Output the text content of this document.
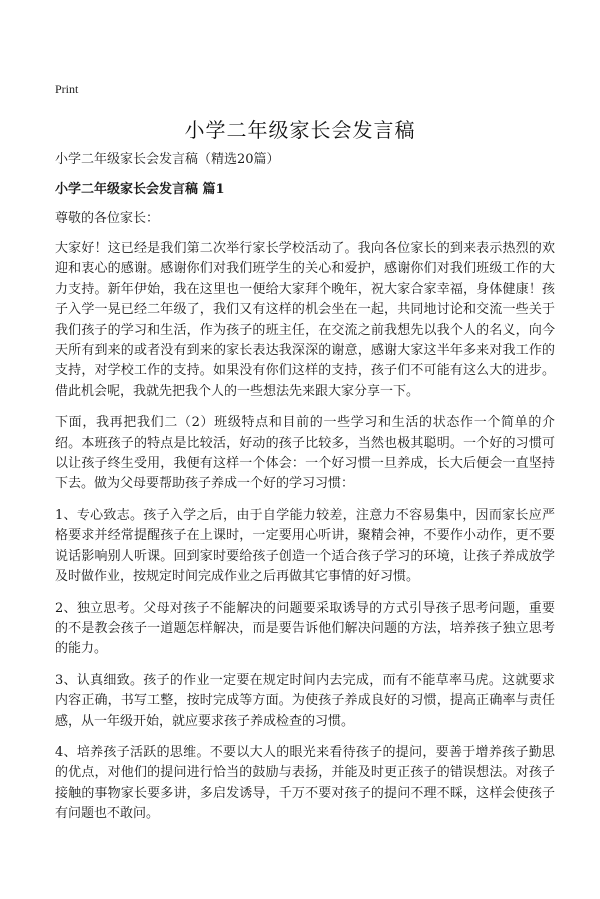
Print
小学二年级家长会发言稿

小学二年级家长会发言稿（精选20篇）

小学二年级家长会发言稿 篇1

尊敬的各位家长：

大家好！这已经是我们第二次举行家长学校活动了。我向各位家长的到来表示热烈的欢迎和衷心的感谢。感谢你们对我们班学生的关心和爱护，感谢你们对我们班级工作的大力支持。新年伊始，我在这里也一便给大家拜个晚年，祝大家合家幸福，身体健康！孩子入学一晃已经二年级了，我们又有这样的机会坐在一起，共同地讨论和交流一些关于我们孩子的学习和生活，作为孩子的班主任，在交流之前我想先以我个人的名义，向今天所有到来的或者没有到来的家长表达我深深的谢意，感谢大家这半年多来对我工作的支持，对学校工作的支持。如果没有你们这样的支持，孩子们不可能有这么大的进步。借此机会呢，我就先把我个人的一些想法先来跟大家分享一下。

下面，我再把我们二（2）班级特点和目前的一些学习和生活的状态作一个简单的介绍。本班孩子的特点是比较活，好动的孩子比较多，当然也极其聪明。一个好的习惯可以让孩子终生受用，我便有这样一个体会：一个好习惯一旦养成，长大后便会一直坚持下去。做为父母要帮助孩子养成一个好的学习习惯：

1、专心致志。孩子入学之后，由于自学能力较差，注意力不容易集中，因而家长应严格要求并经常提醒孩子在上课时，一定要用心听讲，聚精会神，不要作小动作，更不要说话影响别人听课。回到家时要给孩子创造一个适合孩子学习的环境，让孩子养成放学及时做作业，按规定时间完成作业之后再做其它事情的好习惯。

2、独立思考。父母对孩子不能解决的问题要采取诱导的方式引导孩子思考问题，重要的不是教会孩子一道题怎样解决，而是要告诉他们解决问题的方法，培养孩子独立思考的能力。

3、认真细致。孩子的作业一定要在规定时间内去完成，而有不能草率马虎。这就要求内容正确，书写工整，按时完成等方面。为使孩子养成良好的习惯，提高正确率与责任感，从一年级开始，就应要求孩子养成检查的习惯。

4、培养孩子活跃的思维。不要以大人的眼光来看待孩子的提问，要善于增养孩子勤思的优点，对他们的提问进行恰当的鼓励与表扬，并能及时更正孩子的错误想法。对孩子接触的事物家长要多讲，多启发诱导，千万不要对孩子的提问不理不睬，这样会使孩子有问题也不敢问。
